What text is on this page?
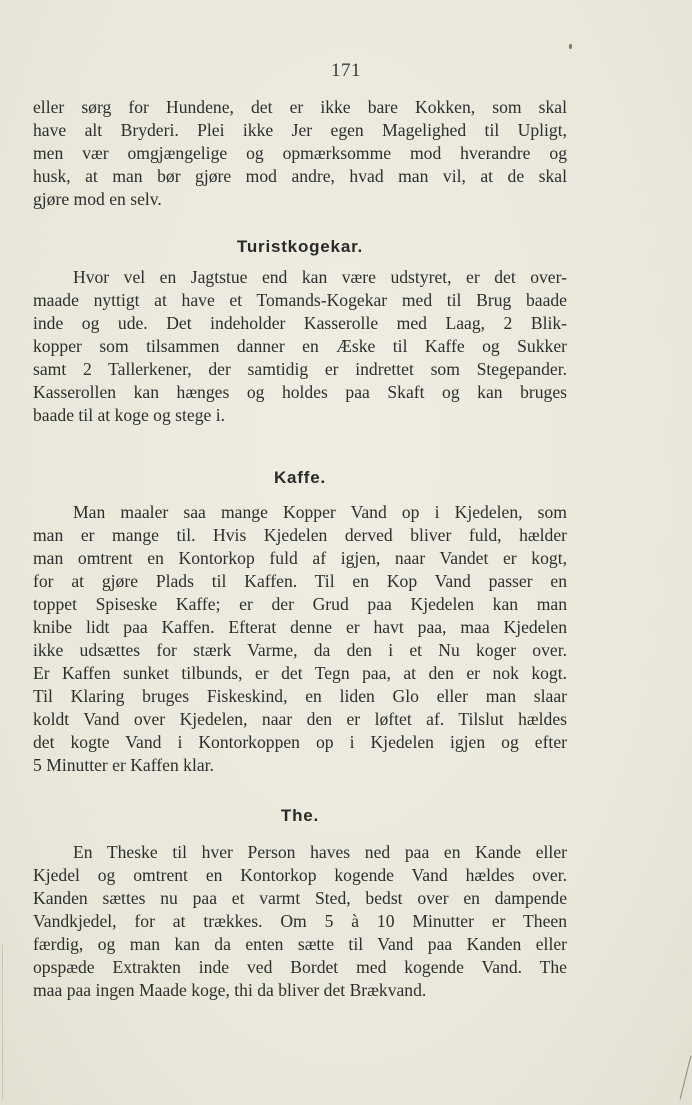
171

eller sørg for Hundene, det er ikke bare Kokken, som skal

have alt Bryderi. Plei ikke Jer egen Magelighed til Upligt,

men vær omgjængelige og opmærksomme mod hverandre og

husk, at man bør gjøre mod andre, hvad man vil, at de skal

gjøre mod en selv.

Turistkogekar.

Hvor vel en Jagtstue end kan være udstyret, er det over-

maade nyttigt at have et Tomands-Kogekar med til Brug baade

inde og ude. Det indeholder Kasserolle med Laag, 2 Blik-

kopper som tilsammen danner en Æske til Kaffe og Sukker

samt 2 Tallerkener, der samtidig er indrettet som Stegepander.

Kasserollen kan hænges og holdes paa Skaft og kan bruges

baade til at koge og stege i.

Kaffe.

Man maaler saa mange Kopper Vand op i Kjedelen, som

man er mange til. Hvis Kjedelen derved bliver fuld, hælder

man omtrent en Kontorkop fuld af igjen, naar Vandet er kogt,

for at gjøre Plads til Kaffen. Til en Kop Vand passer en

toppet Spiseske Kaffe; er der Grud paa Kjedelen kan man

knibe lidt paa Kaffen. Efterat denne er havt paa, maa Kjedelen

ikke udsættes for stærk Varme, da den i et Nu koger over.

Er Kaffen sunket tilbunds, er det Tegn paa, at den er nok kogt.

Til Klaring bruges Fiskeskind, en liden Glo eller man slaar

koldt Vand over Kjedelen, naar den er løftet af. Tilslut hældes

det kogte Vand i Kontorkoppen op i Kjedelen igjen og efter

5 Minutter er Kaffen klar.

The.

En Theske til hver Person haves ned paa en Kande eller

Kjedel og omtrent en Kontorkop kogende Vand hældes over.

Kanden sættes nu paa et varmt Sted, bedst over en dampende

Vandkjedel, for at trækkes. Om 5 à 10 Minutter er Theen

færdig, og man kan da enten sætte til Vand paa Kanden eller

opspæde Extrakten inde ved Bordet med kogende Vand. The

maa paa ingen Maade koge, thi da bliver det Brækvand.
